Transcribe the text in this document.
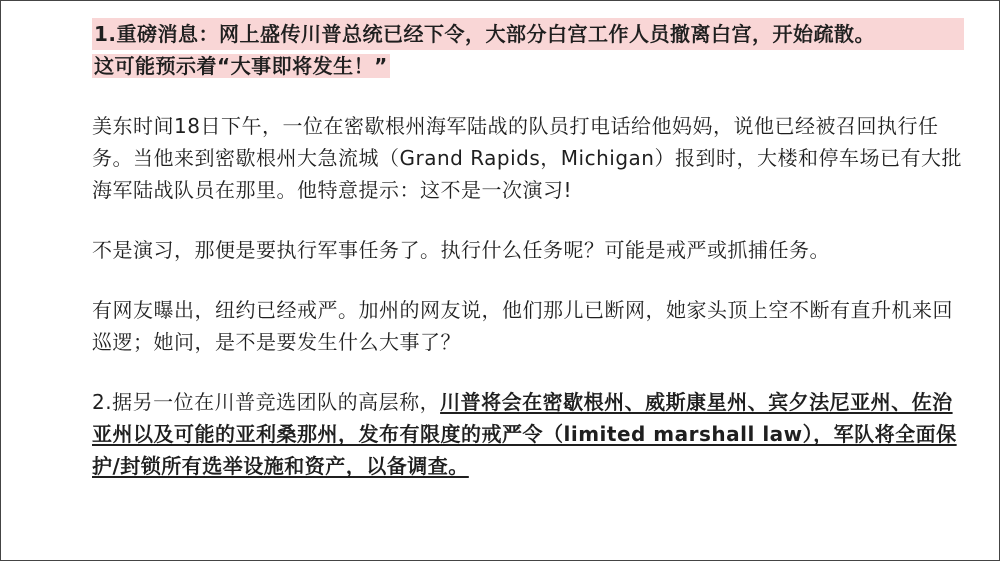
1.重磅消息：网上盛传川普总统已经下令，大部分白宫工作人员撤离白宫，开始疏散。
这可能预示着“大事即将发生！”

美东时间18日下午，一位在密歇根州海军陆战的队员打电话给他妈妈，说他已经被召回执行任务。当他来到密歇根州大急流城（Grand Rapids，Michigan）报到时，大楼和停车场已有大批海军陆战队员在那里。他特意提示：这不是一次演习!

不是演习，那便是要执行军事任务了。执行什么任务呢？可能是戒严或抓捕任务。

有网友曝出，纽约已经戒严。加州的网友说，他们那儿已断网，她家头顶上空不断有直升机来回巡逻；她问，是不是要发生什么大事了？

2.据另一位在川普竞选团队的高层称，川普将会在密歇根州、威斯康星州、宾夕法尼亚州、佐治亚州以及可能的亚利桑那州，发布有限度的戒严令（limited marshall law），军队将全面保护/封锁所有选举设施和资产，以备调查。
